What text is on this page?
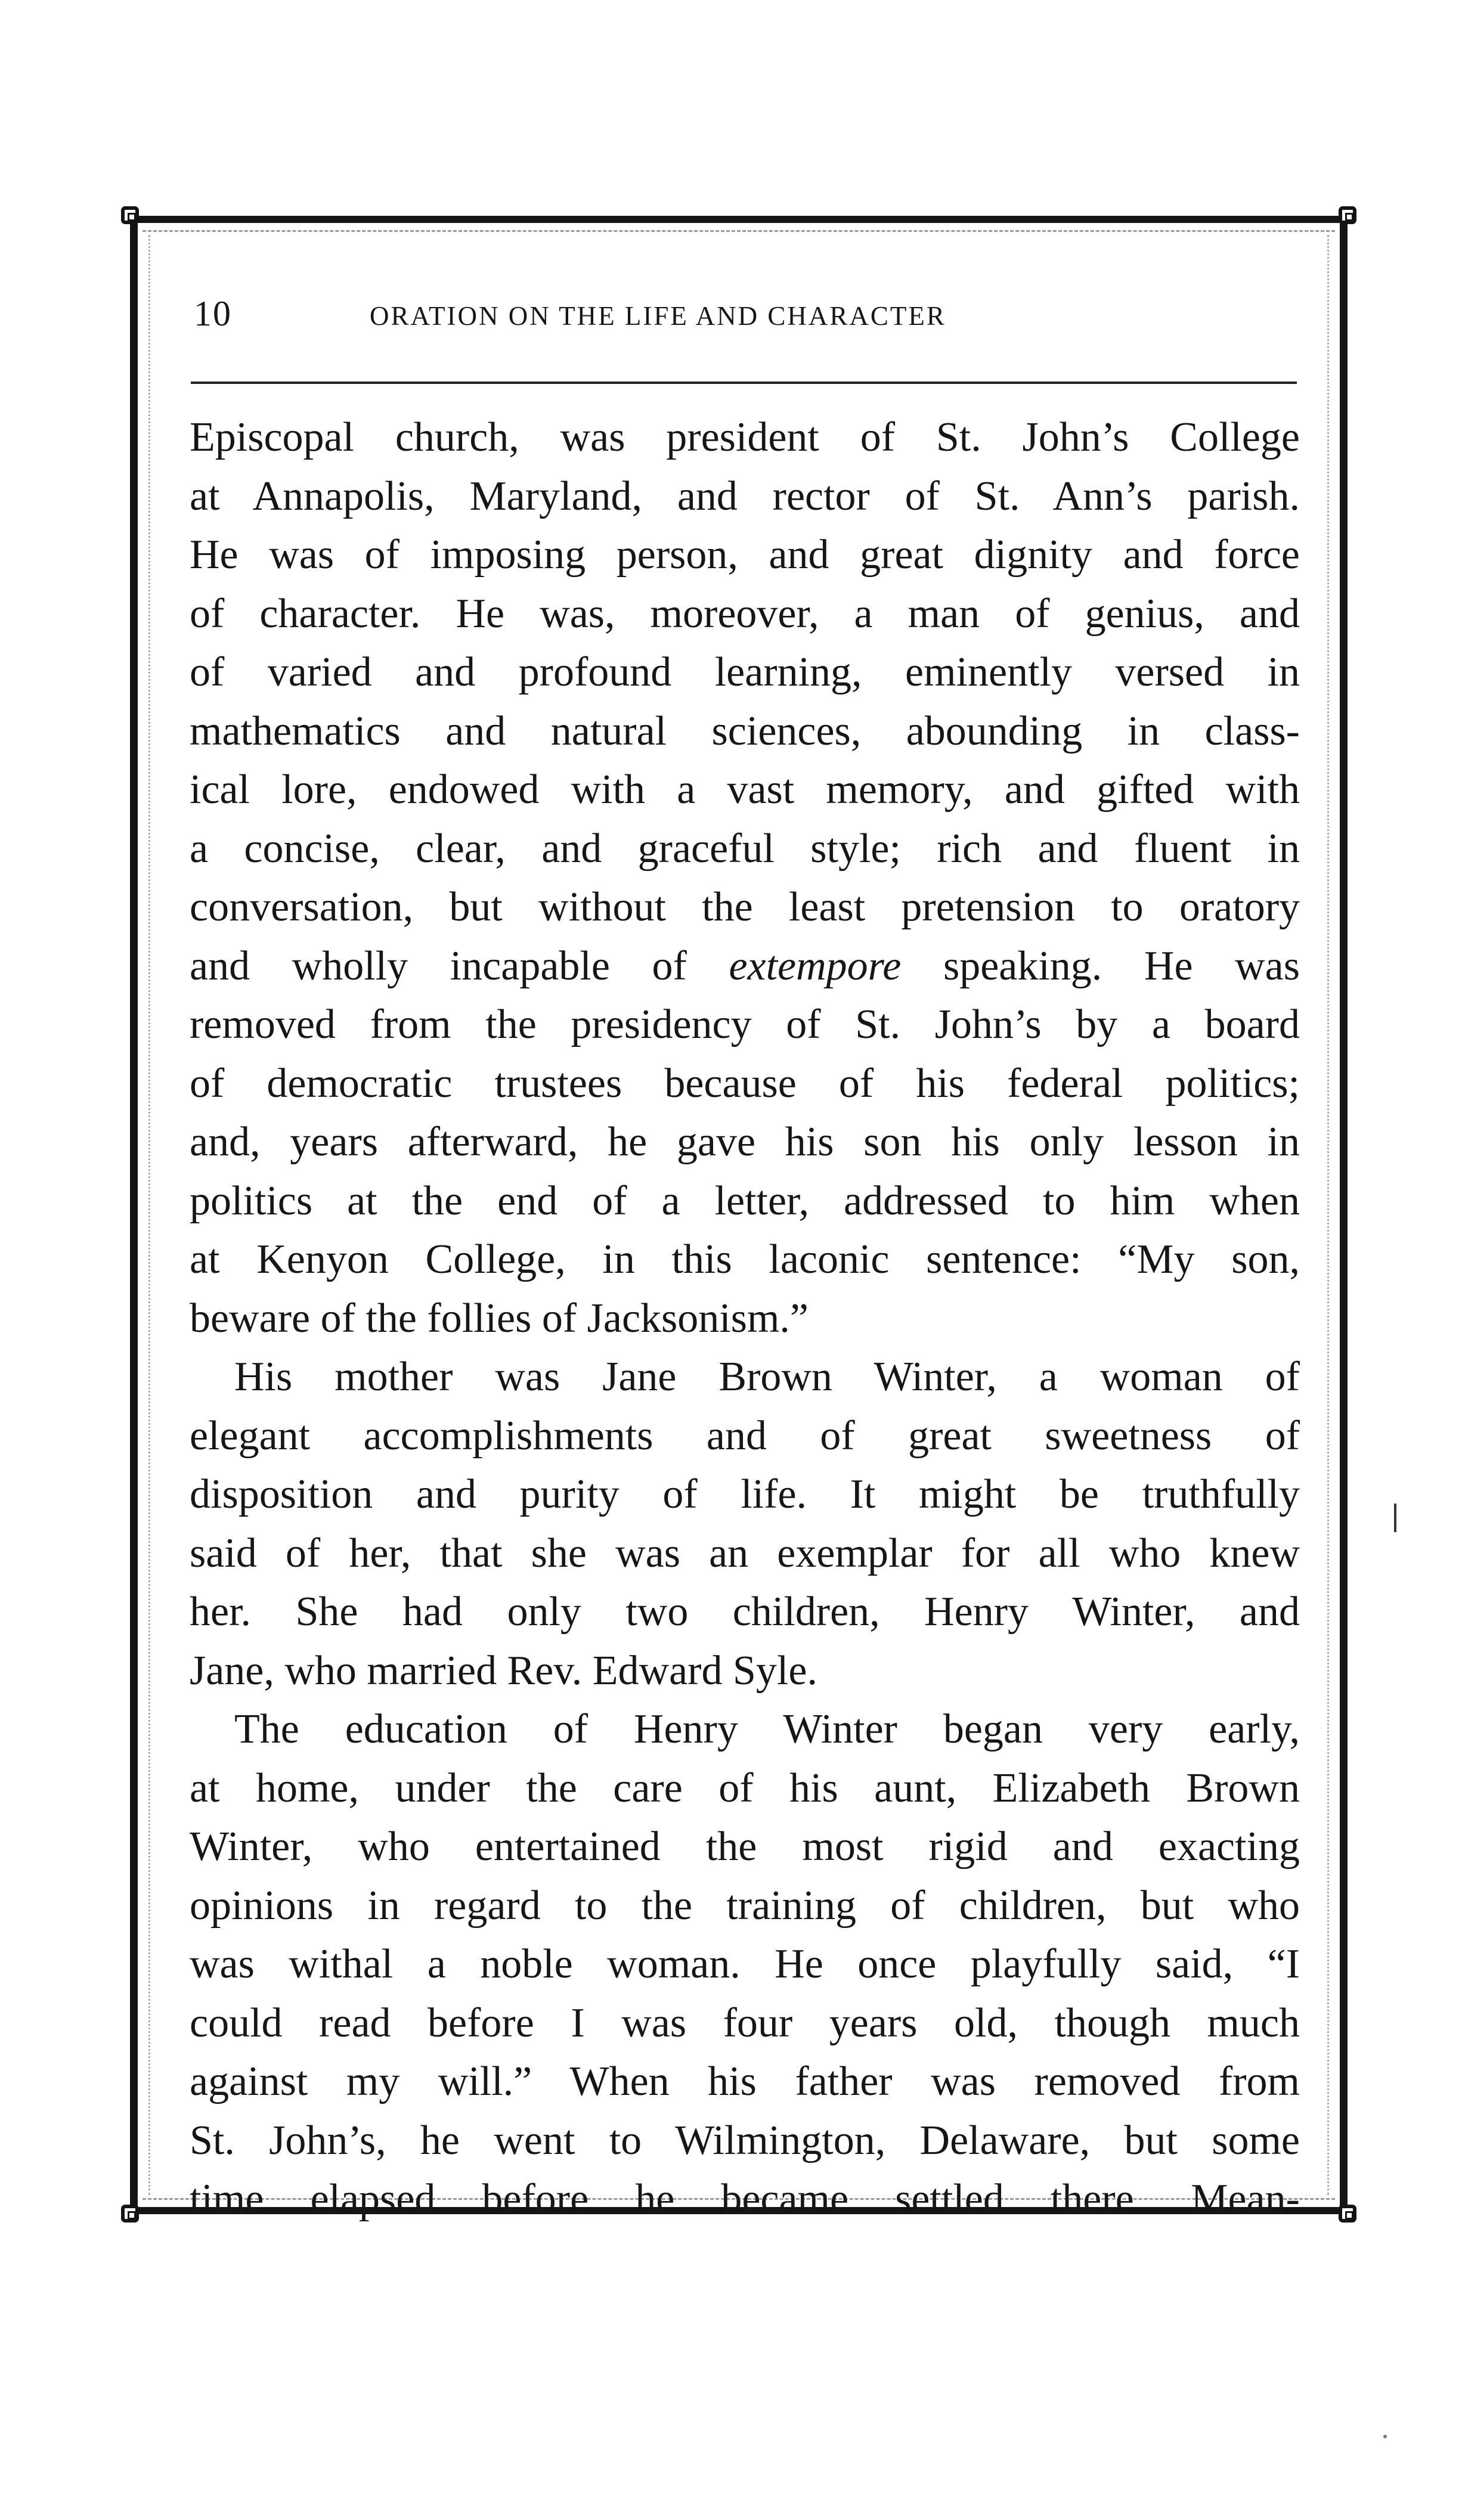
10	ORATION ON THE LIFE AND CHARACTER
Episcopal church, was president of St. John’s College
at Annapolis, Maryland, and rector of St. Ann’s parish.
He was of imposing person, and great dignity and force
of character. He was, moreover, a man of genius, and
of varied and profound learning, eminently versed in
mathematics and natural sciences, abounding in class-
ical lore, endowed with a vast memory, and gifted with
a concise, clear, and graceful style; rich and fluent in
conversation, but without the least pretension to oratory
and wholly incapable of extempore speaking. He was
removed from the presidency of St. John’s by a board
of democratic trustees because of his federal politics;
and, years afterward, he gave his son his only lesson in
politics at the end of a letter, addressed to him when
at Kenyon College, in this laconic sentence: “My son,
beware of the follies of Jacksonism.”
His mother was Jane Brown Winter, a woman of
elegant accomplishments and of great sweetness of
disposition and purity of life. It might be truthfully
said of her, that she was an exemplar for all who knew
her. She had only two children, Henry Winter, and
Jane, who married Rev. Edward Syle.
The education of Henry Winter began very early,
at home, under the care of his aunt, Elizabeth Brown
Winter, who entertained the most rigid and exacting
opinions in regard to the training of children, but who
was withal a noble woman. He once playfully said, “I
could read before I was four years old, though much
against my will.” When his father was removed from
St. John’s, he went to Wilmington, Delaware, but some
time elapsed before he became settled there. Mean-
